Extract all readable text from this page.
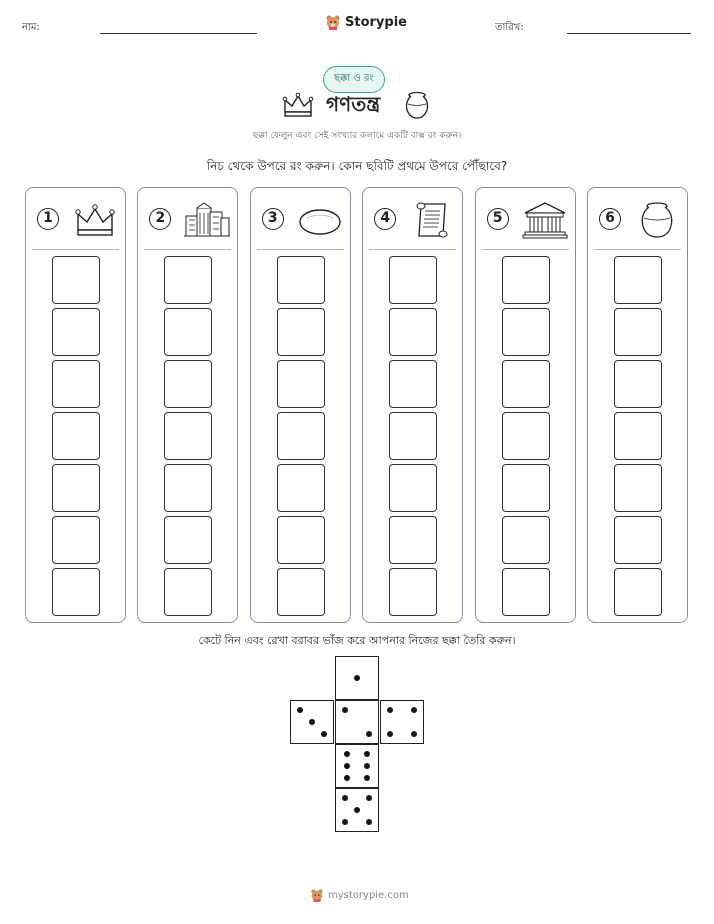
নাম:	Storypie	তারিখ:
ছক্কা ও রং
গণতন্ত্র
ছক্কা ফেলুন এবং সেই সংখ্যার কলামে একটি বাক্স রং করুন।
নিচ থেকে উপরে রং করুন। কোন ছবিটি প্রথমে উপরে পৌঁছাবে?
1	2	3	4	5	6
কেটে নিন এবং রেখা বরাবর ভাঁজ করে আপনার নিজের ছক্কা তৈরি করুন।
mystorypie.com
